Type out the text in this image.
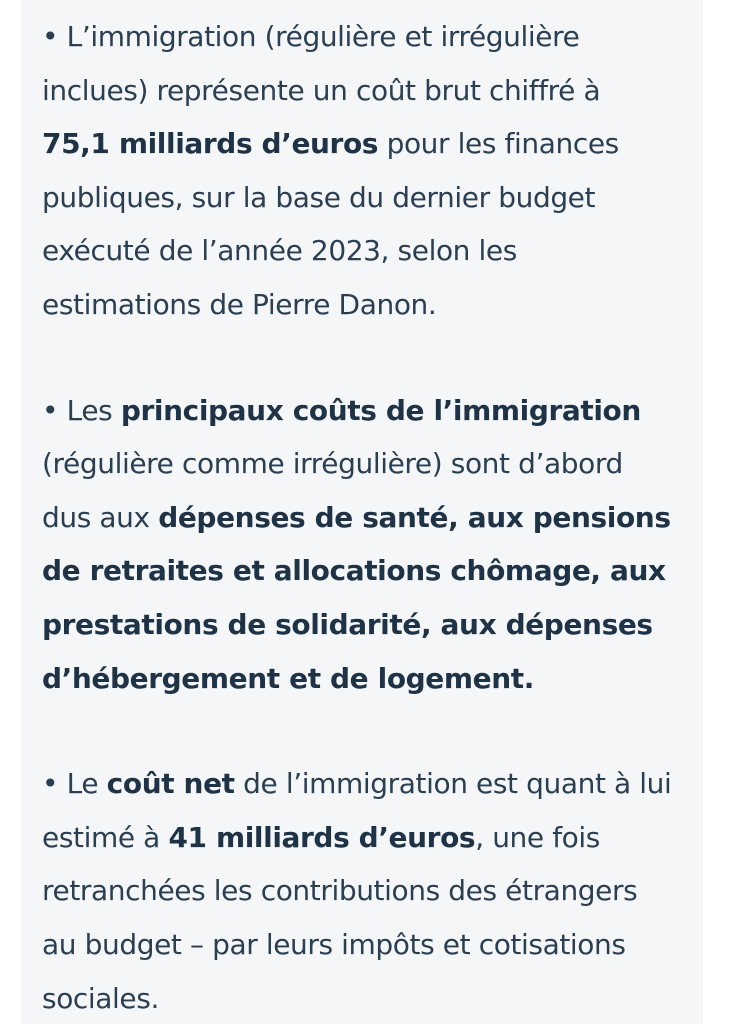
• L’immigration (régulière et irrégulière inclues) représente un coût brut chiffré à 75,1 milliards d’euros pour les finances publiques, sur la base du dernier budget exécuté de l’année 2023, selon les estimations de Pierre Danon.

• Les principaux coûts de l’immigration (régulière comme irrégulière) sont d’abord dus aux dépenses de santé, aux pensions de retraites et allocations chômage, aux prestations de solidarité, aux dépenses d’hébergement et de logement.

• Le coût net de l’immigration est quant à lui estimé à 41 milliards d’euros, une fois retranchées les contributions des étrangers au budget – par leurs impôts et cotisations sociales.
